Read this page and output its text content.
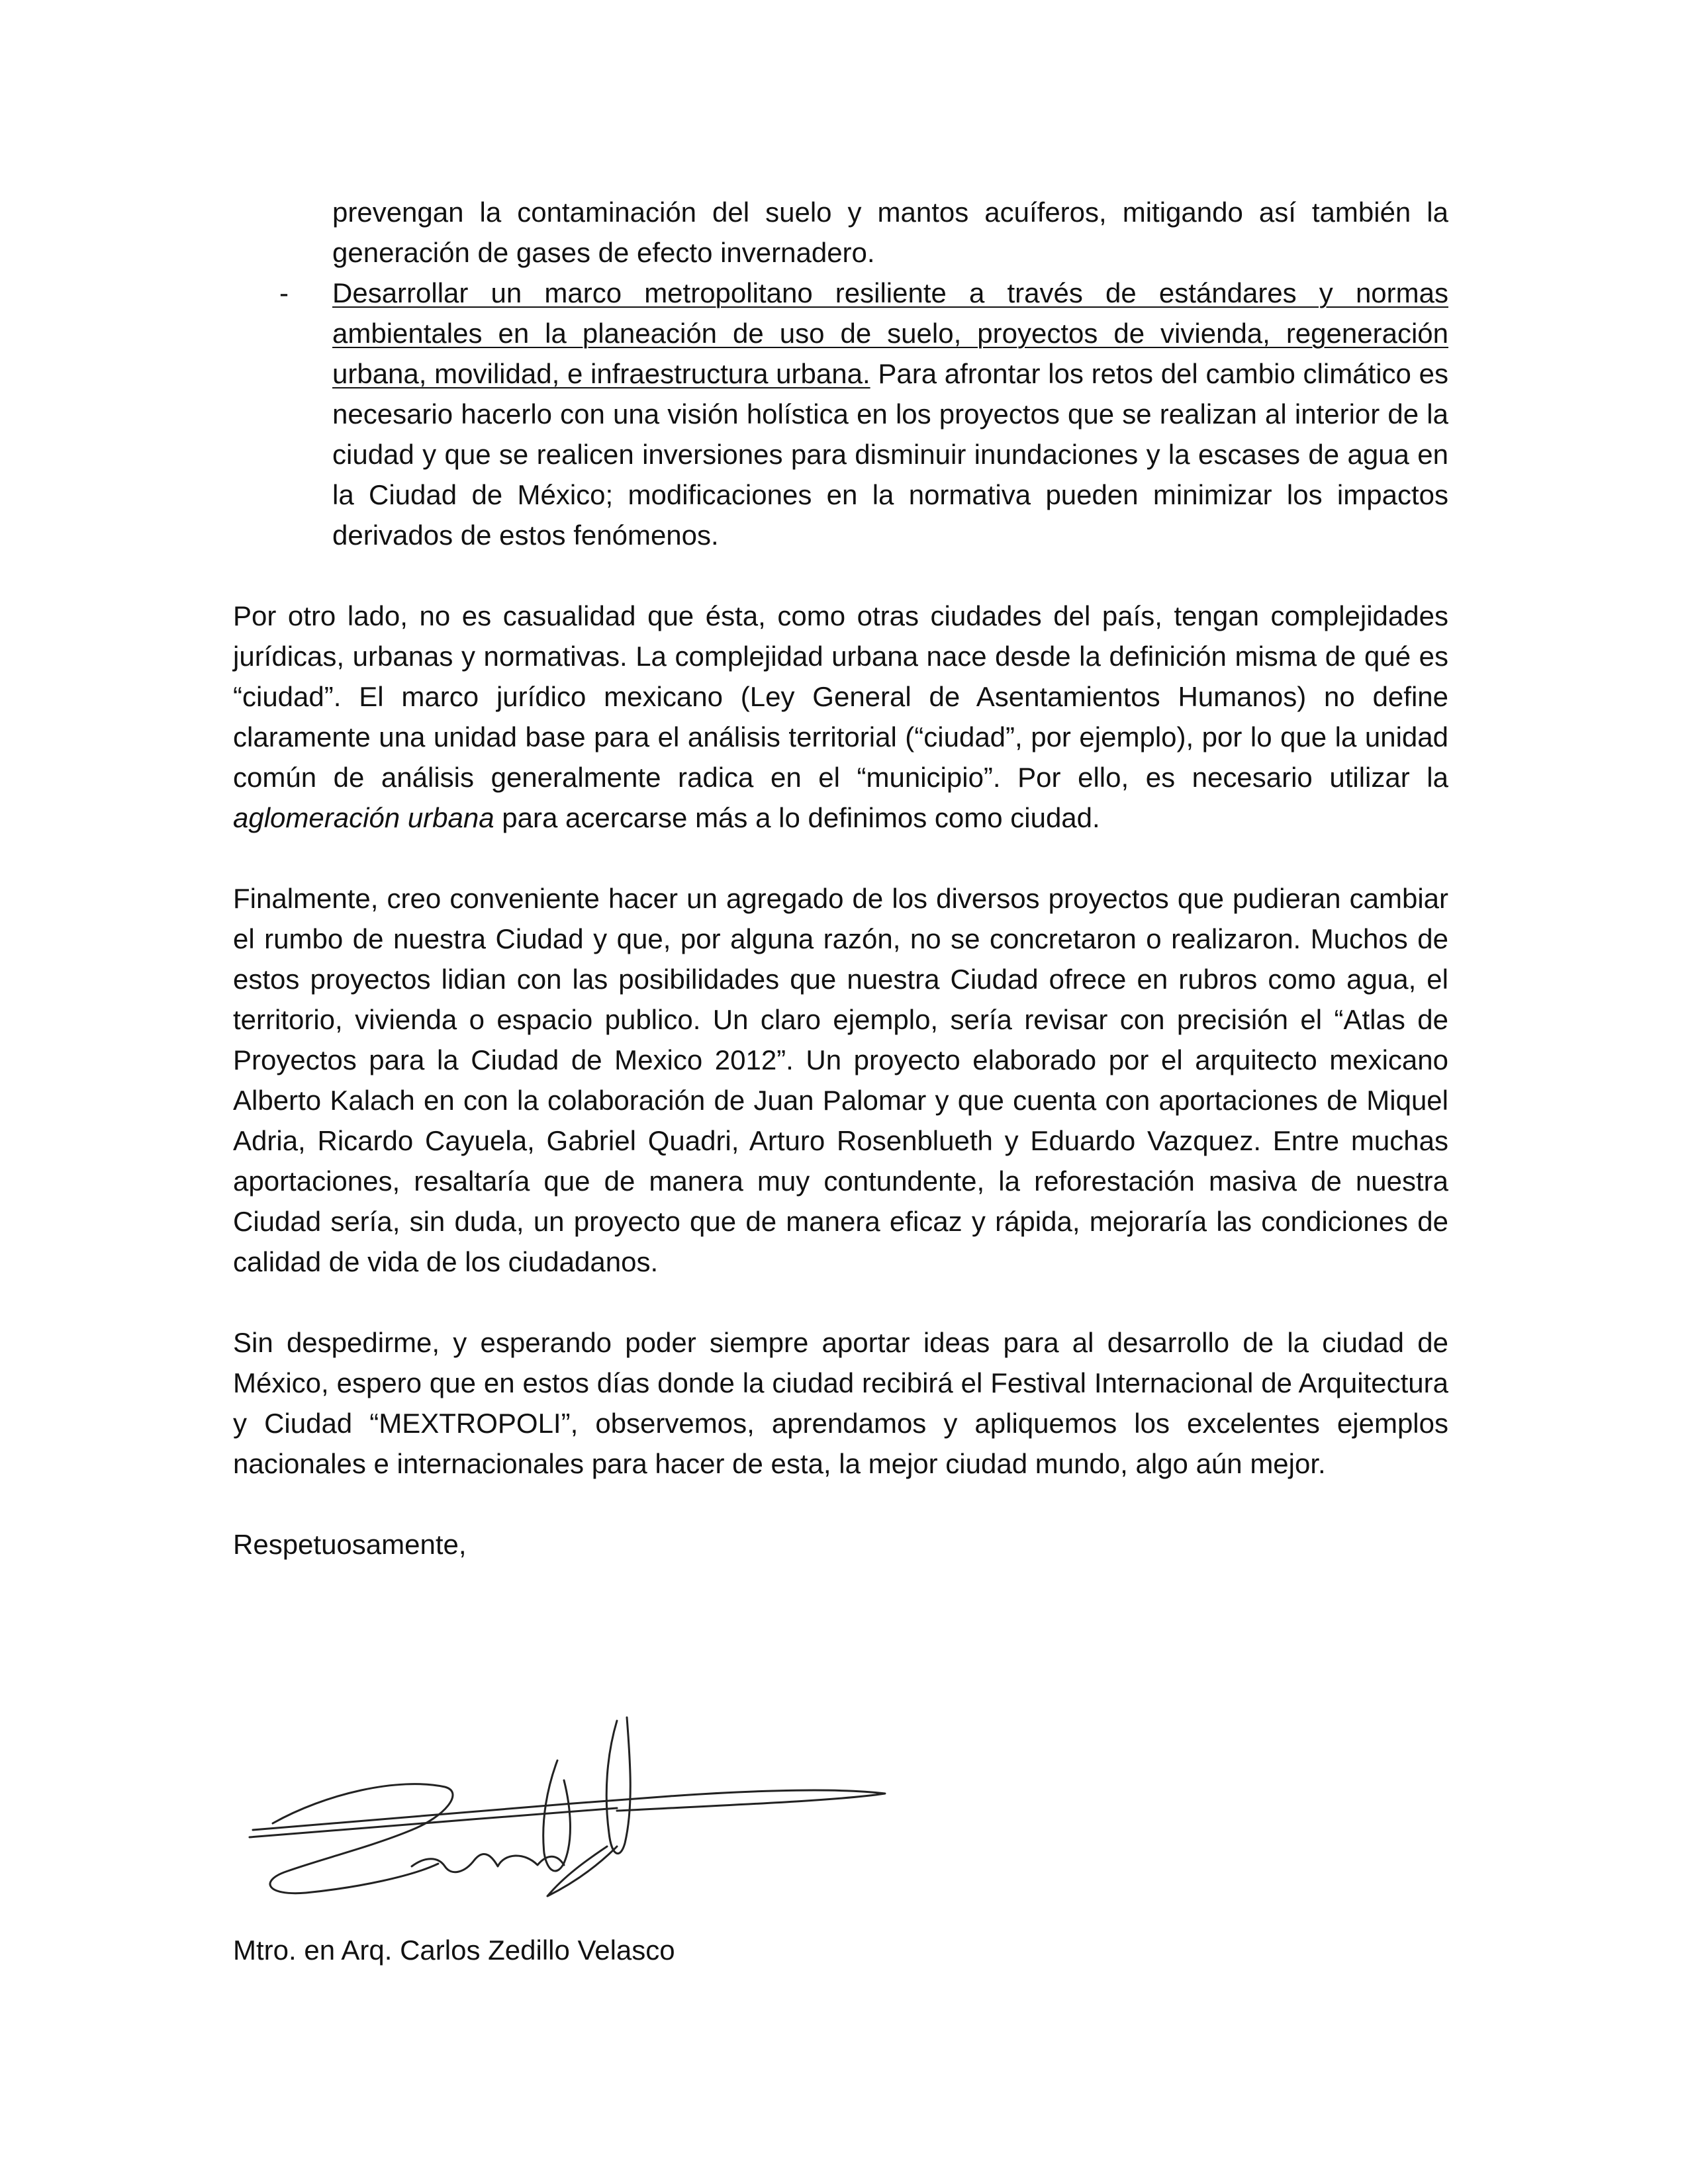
prevengan la contaminación del suelo y mantos acuíferos, mitigando así también la generación de gases de efecto invernadero.

- Desarrollar un marco metropolitano resiliente a través de estándares y normas ambientales en la planeación de uso de suelo, proyectos de vivienda, regeneración urbana, movilidad, e infraestructura urbana. Para afrontar los retos del cambio climático es necesario hacerlo con una visión holística en los proyectos que se realizan al interior de la ciudad y que se realicen inversiones para disminuir inundaciones y la escases de agua en la Ciudad de México; modificaciones en la normativa pueden minimizar los impactos derivados de estos fenómenos.

Por otro lado, no es casualidad que ésta, como otras ciudades del país, tengan complejidades jurídicas, urbanas y normativas. La complejidad urbana nace desde la definición misma de qué es “ciudad”. El marco jurídico mexicano (Ley General de Asentamientos Humanos) no define claramente una unidad base para el análisis territorial (“ciudad”, por ejemplo), por lo que la unidad común de análisis generalmente radica en el “municipio”. Por ello, es necesario utilizar la aglomeración urbana para acercarse más a lo definimos como ciudad.

Finalmente, creo conveniente hacer un agregado de los diversos proyectos que pudieran cambiar el rumbo de nuestra Ciudad y que, por alguna razón, no se concretaron o realizaron. Muchos de estos proyectos lidian con las posibilidades que nuestra Ciudad ofrece en rubros como agua, el territorio, vivienda o espacio publico. Un claro ejemplo, sería revisar con precisión el “Atlas de Proyectos para la Ciudad de Mexico 2012”. Un proyecto elaborado por el arquitecto mexicano Alberto Kalach en con la colaboración de Juan Palomar y que cuenta con aportaciones de Miquel Adria, Ricardo Cayuela, Gabriel Quadri, Arturo Rosenblueth y Eduardo Vazquez. Entre muchas aportaciones, resaltaría que de manera muy contundente, la reforestación masiva de nuestra Ciudad sería, sin duda, un proyecto que de manera eficaz y rápida, mejoraría las condiciones de calidad de vida de los ciudadanos.

Sin despedirme, y esperando poder siempre aportar ideas para al desarrollo de la ciudad de México, espero que en estos días donde la ciudad recibirá el Festival Internacional de Arquitectura y Ciudad “MEXTROPOLI”, observemos, aprendamos y apliquemos los excelentes ejemplos nacionales e internacionales para hacer de esta, la mejor ciudad mundo, algo aún mejor.

Respetuosamente,

Mtro. en Arq. Carlos Zedillo Velasco
